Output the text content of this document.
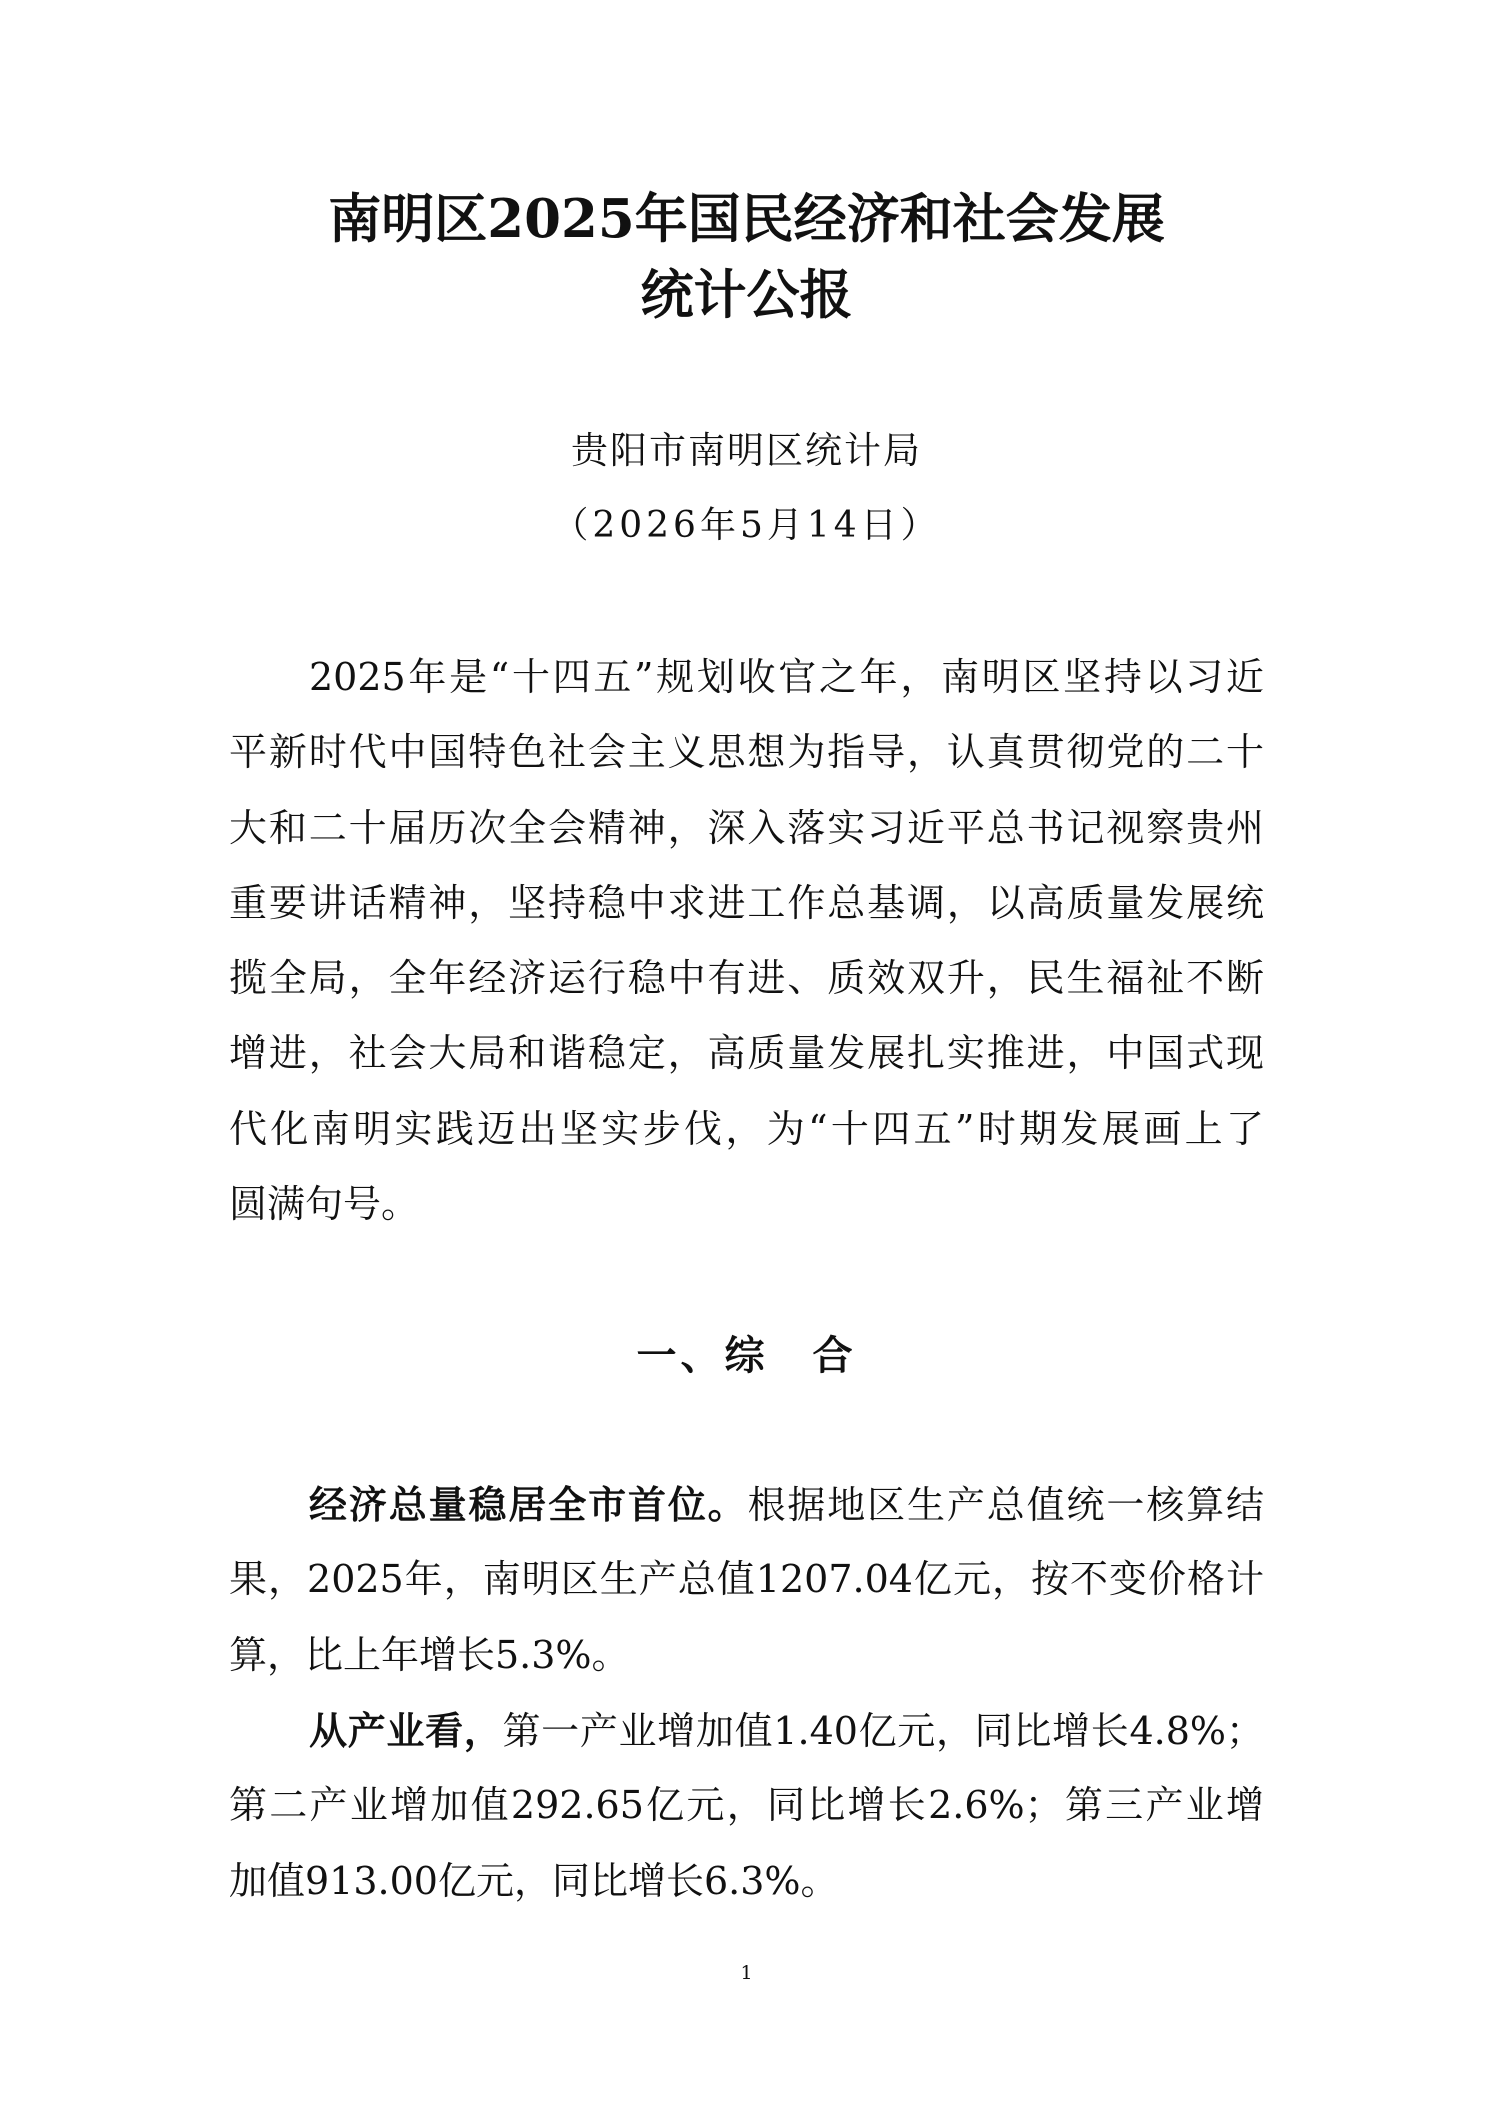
南明区2025年国民经济和社会发展
统计公报
贵阳市南明区统计局
（2026年5月14日）
2025年是“十四五”规划收官之年，南明区坚持以习近
平新时代中国特色社会主义思想为指导，认真贯彻党的二十
大和二十届历次全会精神，深入落实习近平总书记视察贵州
重要讲话精神，坚持稳中求进工作总基调，以高质量发展统
揽全局，全年经济运行稳中有进、质效双升，民生福祉不断
增进，社会大局和谐稳定，高质量发展扎实推进，中国式现
代化南明实践迈出坚实步伐，为“十四五”时期发展画上了
圆满句号。
一、综　合
经济总量稳居全市首位。根据地区生产总值统一核算结
果，2025年，南明区生产总值1207.04亿元，按不变价格计
算，比上年增长5.3%。
从产业看，第一产业增加值1.40亿元，同比增长4.8%；
第二产业增加值292.65亿元，同比增长2.6%；第三产业增
加值913.00亿元，同比增长6.3%。
1
